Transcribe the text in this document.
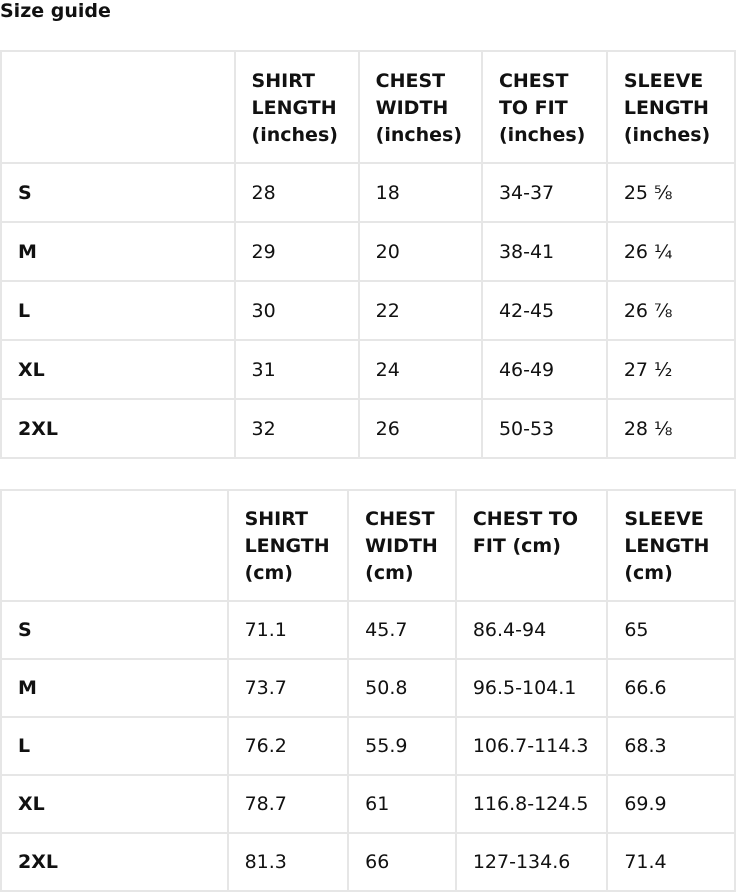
Size guide

	SHIRT
LENGTH
(inches)	CHEST
WIDTH
(inches)	CHEST
TO FIT
(inches)	SLEEVE
LENGTH
(inches)

S	28	18	34-37	25 ⅝
M	29	20	38-41	26 ¼
L	30	22	42-45	26 ⅞
XL	31	24	46-49	27 ½
2XL	32	26	50-53	28 ⅛

	SHIRT
LENGTH
(cm)	CHEST
WIDTH
(cm)	CHEST TO
FIT (cm)	SLEEVE
LENGTH
(cm)

S	71.1	45.7	86.4-94	65
M	73.7	50.8	96.5-104.1	66.6
L	76.2	55.9	106.7-114.3	68.3
XL	78.7	61	116.8-124.5	69.9
2XL	81.3	66	127-134.6	71.4
